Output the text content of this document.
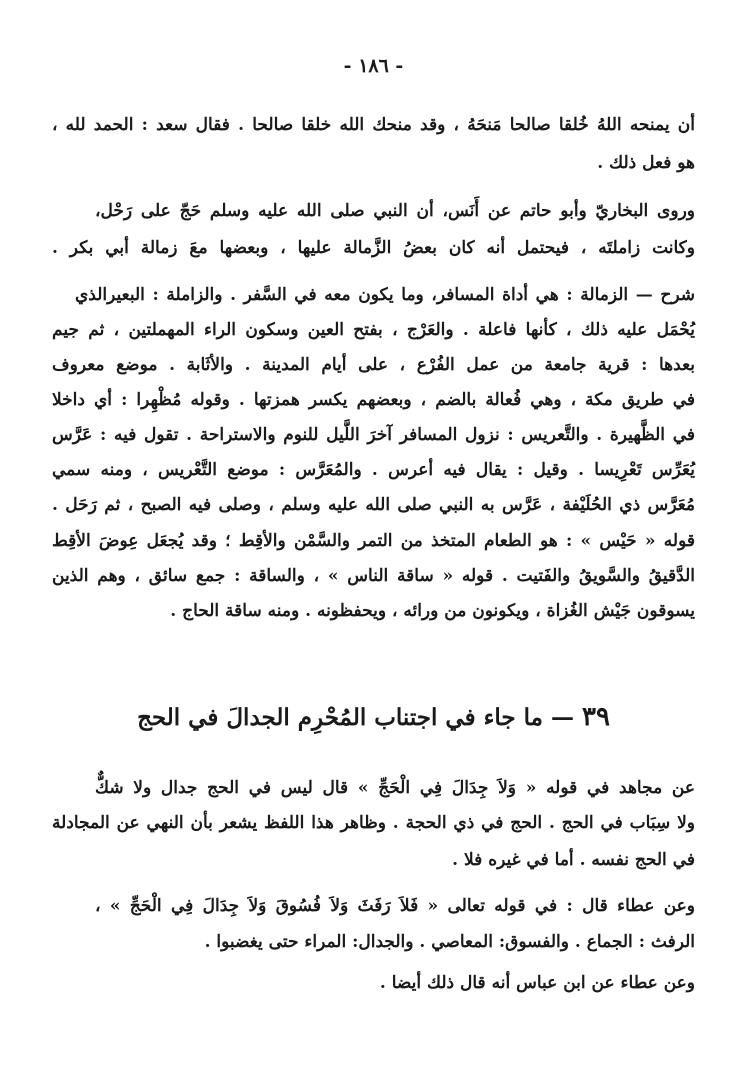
- ١٨٦ -
أن يمنحه اللهُ خُلقا صالحا مَنحَهُ ، وقد منحك الله خلقا صالحا . فقال سعد : الحمد لله ،
هو فعل ذلك .
وروى البخاريّ وأبو حاتم عن أَنَس، أن النبي صلى الله عليه وسلم حَجّ على رَحْل،
وكانت زاملتَه ، فيحتمل أنه كان بعضُ الزَّمالة عليها ، وبعضها معَ زمالة أبي بكر .
شرح — الزمالة : هي أداة المسافر، وما يكون معه في السَّفر . والزاملة : البعيرالذي
يُحْمَل عليه ذلك ، كأنها فاعلة . والعَرْج ، بفتح العين وسكون الراء المهملتين ، ثم جيم
بعدها : قرية جامعة من عمل الفُرْع ، على أيام المدينة . والأثَابة . موضع معروف
في طريق مكة ، وهي فُعالة بالضم ، وبعضهم يكسر همزتها . وقوله مُظْهِرا : أي داخلا
في الظَّهيرة . والتَّعريس : نزول المسافر آخرَ اللَّيل للنوم والاستراحة . تقول فيه : عَرَّس
يُعَرِّس تَعْرِيسا . وقيل : يقال فيه أعرس . والمُعَرَّس : موضع التَّعْريس ، ومنه سمي
مُعَرَّس ذي الحُلَيْفة ، عَرَّس به النبي صلى الله عليه وسلم ، وصلى فيه الصبح ، ثم رَحَل .
قوله « حَيْس » : هو الطعام المتخذ من التمر والسَّمْن والأقِط ؛ وقد يُجعَل عِوضَ الأقِط
الدَّقيقُ والسَّويقُ والفَتيت . قوله « ساقة الناس » ، والساقة : جمع سائق ، وهم الذين
يسوقون جَيْش الغُزاة ، ويكونون من ورائه ، ويحفظونه . ومنه ساقة الحاج .
٣٩ — ما جاء في اجتناب المُحْرِم الجدالَ في الحج
عن مجاهد في قوله « وَلاَ جِدَالَ فِي الْحَجِّ » قال ليس في الحج جدال ولا شكٌّ
ولا سِبَاب في الحج . الحج في ذي الحجة . وظاهر هذا اللفظ يشعر بأن النهي عن المجادلة
في الحج نفسه . أما في غيره فلا .
وعن عطاء قال : في قوله تعالى « فَلاَ رَفَثَ وَلاَ فُسُوقَ وَلاَ جِدَالَ فِي الْحَجِّ » ،
الرفث : الجماع . والفسوق: المعاصي . والجدال: المراء حتى يغضبوا .
وعن عطاء عن ابن عباس أنه قال ذلك أيضا .
